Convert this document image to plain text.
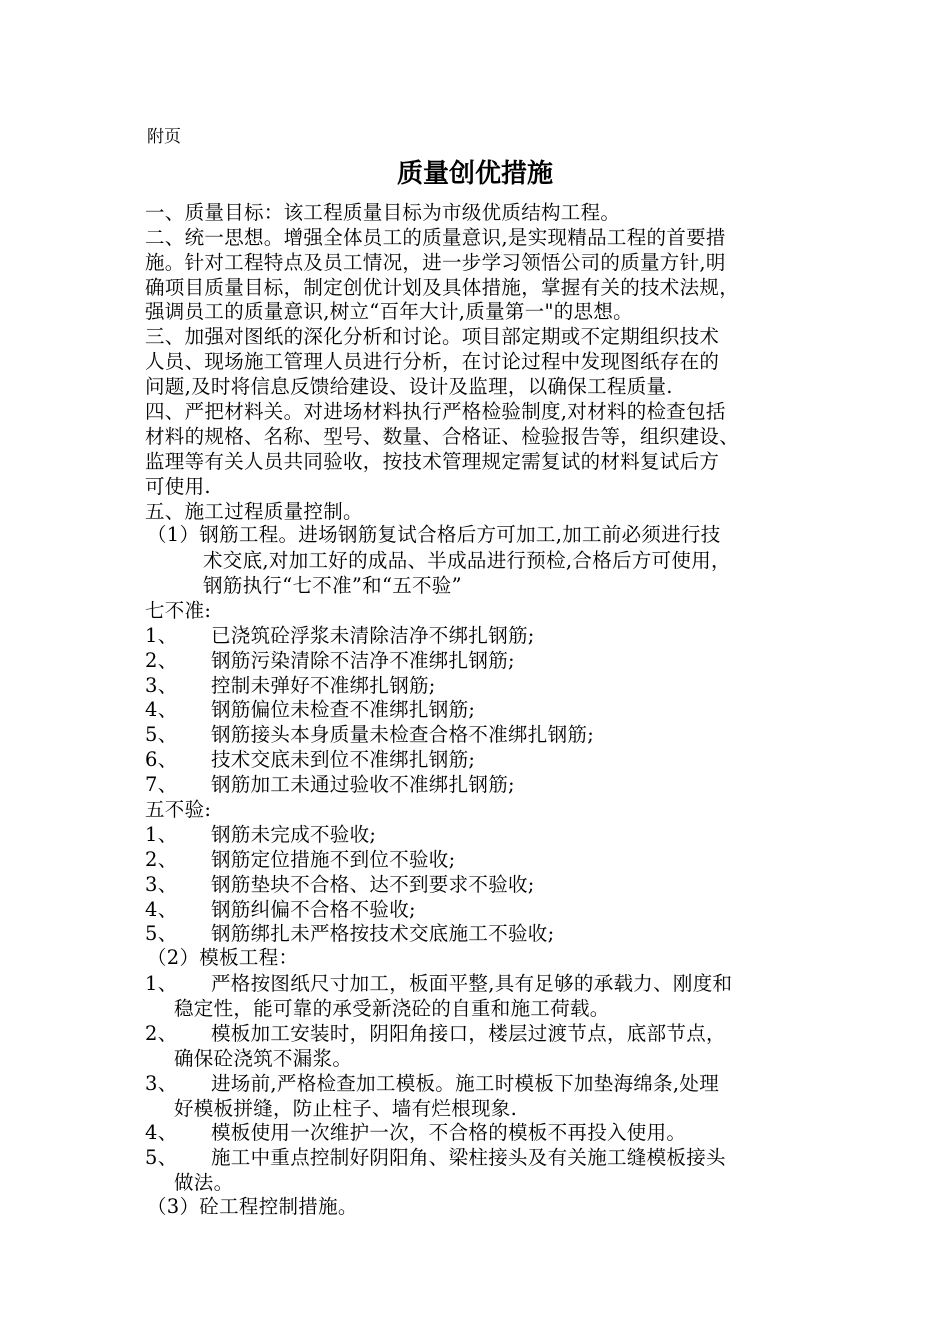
附页
质量创优措施
一、质量目标：该工程质量目标为市级优质结构工程。
二、统一思想。增强全体员工的质量意识,是实现精品工程的首要措
施。针对工程特点及员工情况，进一步学习领悟公司的质量方针,明
确项目质量目标，制定创优计划及具体措施，掌握有关的技术法规，
强调员工的质量意识,树立“百年大计,质量第一"的思想。
三、加强对图纸的深化分析和讨论。项目部定期或不定期组织技术
人员、现场施工管理人员进行分析，在讨论过程中发现图纸存在的
问题,及时将信息反馈给建设、设计及监理，以确保工程质量.
四、严把材料关。对进场材料执行严格检验制度,对材料的检查包括
材料的规格、名称、型号、数量、合格证、检验报告等，组织建设、
监理等有关人员共同验收，按技术管理规定需复试的材料复试后方
可使用.
五、施工过程质量控制。
（1）钢筋工程。进场钢筋复试合格后方可加工,加工前必须进行技
术交底,对加工好的成品、半成品进行预检,合格后方可使用，
钢筋执行“七不准”和“五不验”
七不准:
1、 已浇筑砼浮浆未清除洁净不绑扎钢筋;
2、 钢筋污染清除不洁净不准绑扎钢筋;
3、 控制未弹好不准绑扎钢筋;
4、 钢筋偏位未检查不准绑扎钢筋;
5、 钢筋接头本身质量未检查合格不准绑扎钢筋;
6、 技术交底未到位不准绑扎钢筋;
7、 钢筋加工未通过验收不准绑扎钢筋;
五不验:
1、 钢筋未完成不验收;
2、 钢筋定位措施不到位不验收;
3、 钢筋垫块不合格、达不到要求不验收;
4、 钢筋纠偏不合格不验收;
5、 钢筋绑扎未严格按技术交底施工不验收;
（2）模板工程：
1、 严格按图纸尺寸加工，板面平整,具有足够的承载力、刚度和
稳定性，能可靠的承受新浇砼的自重和施工荷载。
2、 模板加工安装时，阴阳角接口，楼层过渡节点，底部节点，
确保砼浇筑不漏浆。
3、 进场前,严格检查加工模板。施工时模板下加垫海绵条,处理
好模板拼缝，防止柱子、墙有烂根现象.
4、 模板使用一次维护一次，不合格的模板不再投入使用。
5、 施工中重点控制好阴阳角、梁柱接头及有关施工缝模板接头
做法。
（3）砼工程控制措施。
